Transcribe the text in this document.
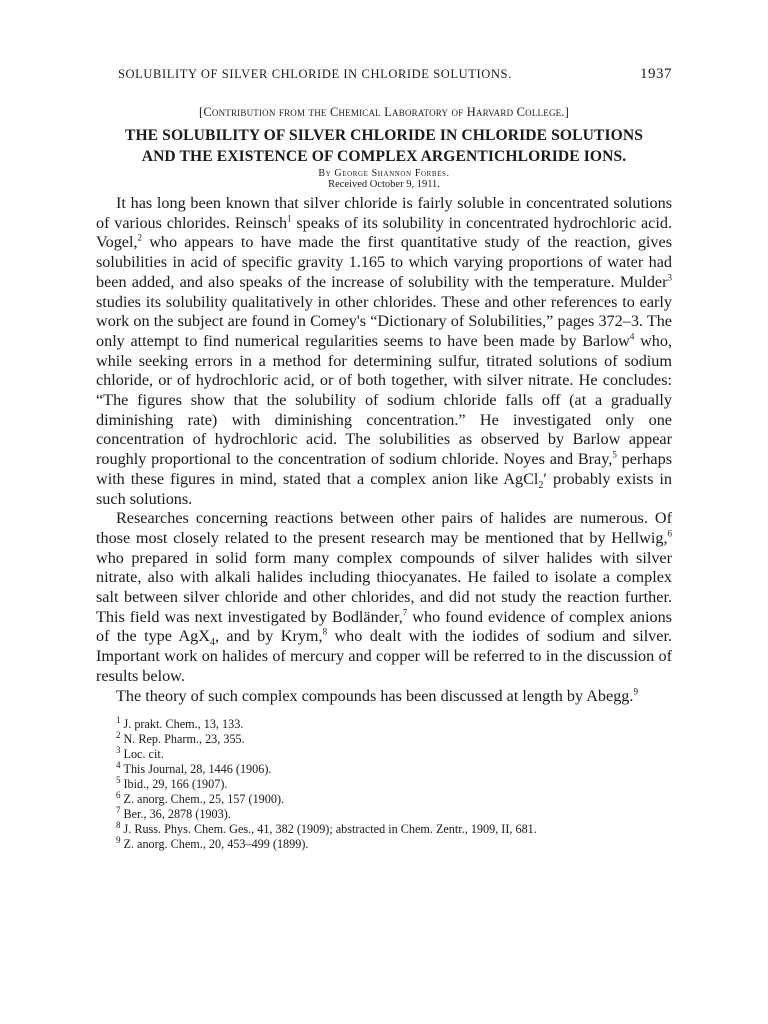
SOLUBILITY OF SILVER CHLORIDE IN CHLORIDE SOLUTIONS.	1937
[Contribution from the Chemical Laboratory of Harvard College.]
THE SOLUBILITY OF SILVER CHLORIDE IN CHLORIDE SOLUTIONS
AND THE EXISTENCE OF COMPLEX ARGENTICHLORIDE IONS.
By George Shannon Forbes.
Received October 9, 1911.

It has long been known that silver chloride is fairly soluble in concentrated solutions of various chlorides. Reinsch$^1$ speaks of its solubility in concentrated hydrochloric acid. Vogel,$^2$ who appears to have made the first quantitative study of the reaction, gives solubilities in acid of specific gravity 1.165 to which varying proportions of water had been added, and also speaks of the increase of solubility with the temperature. Mulder$^3$ studies its solubility qualitatively in other chlorides. These and other references to early work on the subject are found in Comey's “Dictionary of Solubilities,” pages 372–3. The only attempt to find numerical regularities seems to have been made by Barlow$^4$ who, while seeking errors in a method for determining sulfur, titrated solutions of sodium chloride, or of hydrochloric acid, or of both together, with silver nitrate. He concludes: “The figures show that the solubility of sodium chloride falls off (at a gradually diminishing rate) with diminishing concentration.” He investigated only one concentration of hydrochloric acid. The solubilities as observed by Barlow appear roughly proportional to the concentration of sodium chloride. Noyes and Bray,$^5$ perhaps with these figures in mind, stated that a complex anion like AgCl$_2$′ probably exists in such solutions.

Researches concerning reactions between other pairs of halides are numerous. Of those most closely related to the present research may be mentioned that by Hellwig,$^6$ who prepared in solid form many complex compounds of silver halides with silver nitrate, also with alkali halides including thiocyanates. He failed to isolate a complex salt between silver chloride and other chlorides, and did not study the reaction further. This field was next investigated by Bodländer,$^7$ who found evidence of complex anions of the type AgX$_4$, and by Krym,$^8$ who dealt with the iodides of sodium and silver. Important work on halides of mercury and copper will be referred to in the discussion of results below.

The theory of such complex compounds has been discussed at length by Abegg.$^9$

$^1$ J. prakt. Chem., 13, 133.

$^2$ N. Rep. Pharm., 23, 355.

$^3$ Loc. cit.

$^4$ This Journal, 28, 1446 (1906).

$^5$ Ibid., 29, 166 (1907).

$^6$ Z. anorg. Chem., 25, 157 (1900).

$^7$ Ber., 36, 2878 (1903).

$^8$ J. Russ. Phys. Chem. Ges., 41, 382 (1909); abstracted in Chem. Zentr., 1909, II, 681.

$^9$ Z. anorg. Chem., 20, 453–499 (1899).
